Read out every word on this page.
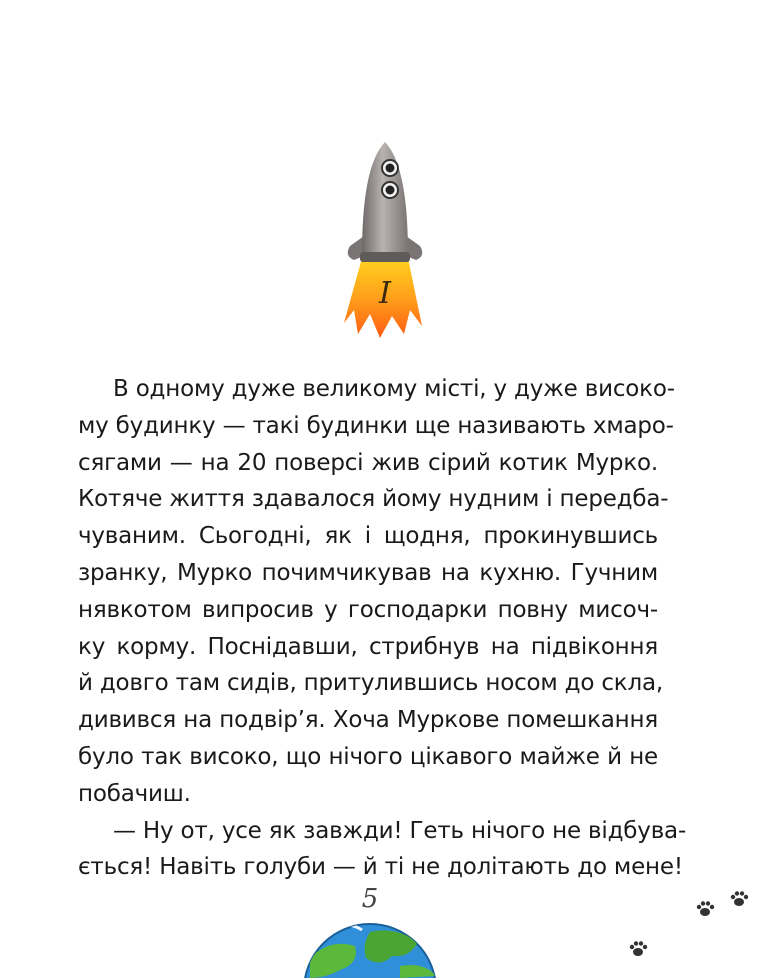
I
В одному дуже великому місті, у дуже високо-
му будинку — такі будинки ще називають хмаро-
сягами — на 20 поверсі жив сірий котик Мурко.
Котяче життя здавалося йому нудним і передба-
чуваним. Сьогодні, як і щодня, прокинувшись
зранку, Мурко почимчикував на кухню. Гучним
нявкотом випросив у господарки повну мисоч-
ку корму. Поснідавши, стрибнув на підвіконня
й довго там сидів, притулившись носом до скла,
дивився на подвір’я. Хоча Муркове помешкання
було так високо, що нічого цікавого майже й не
побачиш.
— Ну от, усе як завжди! Геть нічого не відбува-
ється! Навіть голуби — й ті не долітають до мене!
5
